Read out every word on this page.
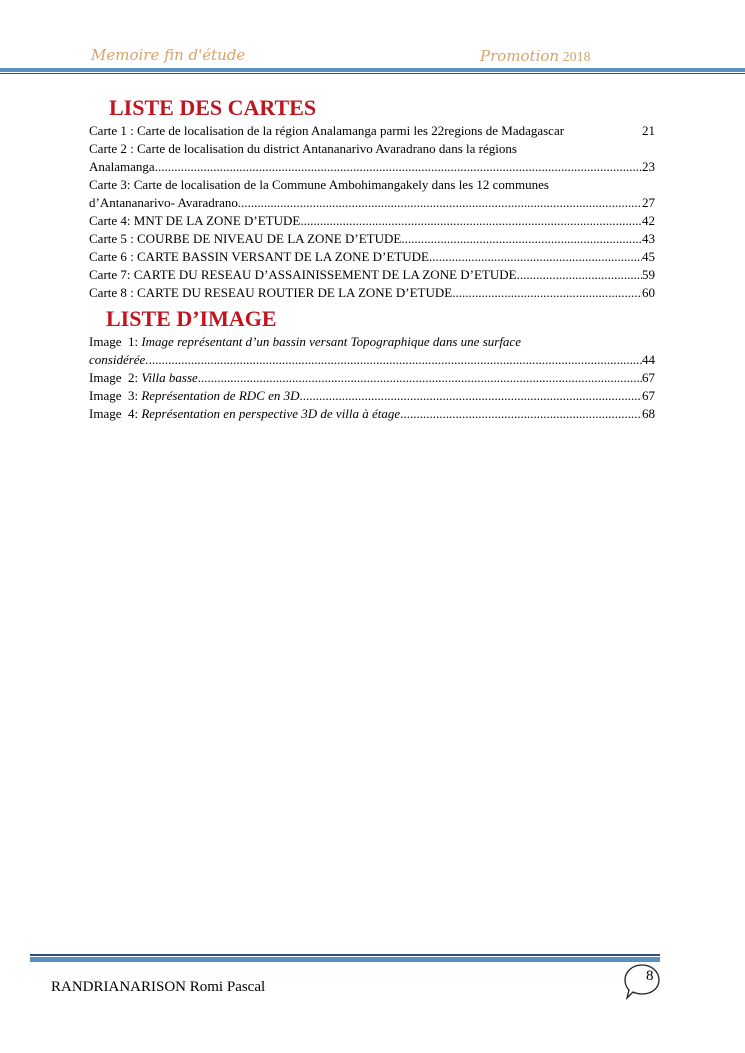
Memoire fin d'étude	Promotion 2018
LISTE DES CARTES
Carte 1 : Carte de localisation de la région Analamanga parmi les 22regions de Madagascar	21
Carte 2 : Carte de localisation du district Antananarivo Avaradrano dans la régions
Analamanga .....	23
Carte 3: Carte de localisation de la Commune Ambohimangakely dans les 12 communes
d’Antananarivo- Avaradrano .....	27
Carte 4: MNT DE LA ZONE D’ETUDE .....	42
Carte 5 : COURBE DE NIVEAU DE LA ZONE D’ETUDE .....	43
Carte 6 : CARTE BASSIN VERSANT DE LA ZONE D’ETUDE .....	45
Carte 7: CARTE DU RESEAU D’ASSAINISSEMENT DE LA ZONE D’ETUDE .....	59
Carte 8 : CARTE DU RESEAU ROUTIER DE LA ZONE D’ETUDE .....	60
LISTE D’IMAGE
Image  1: Image représentant d’un bassin versant Topographique dans une surface
considérée. .....	44
Image  2: Villa basse .....	67
Image  3: Représentation de RDC en 3D .....	67
Image  4: Représentation en perspective 3D de villa à étage .....	68
RANDRIANARISON Romi Pascal
8
